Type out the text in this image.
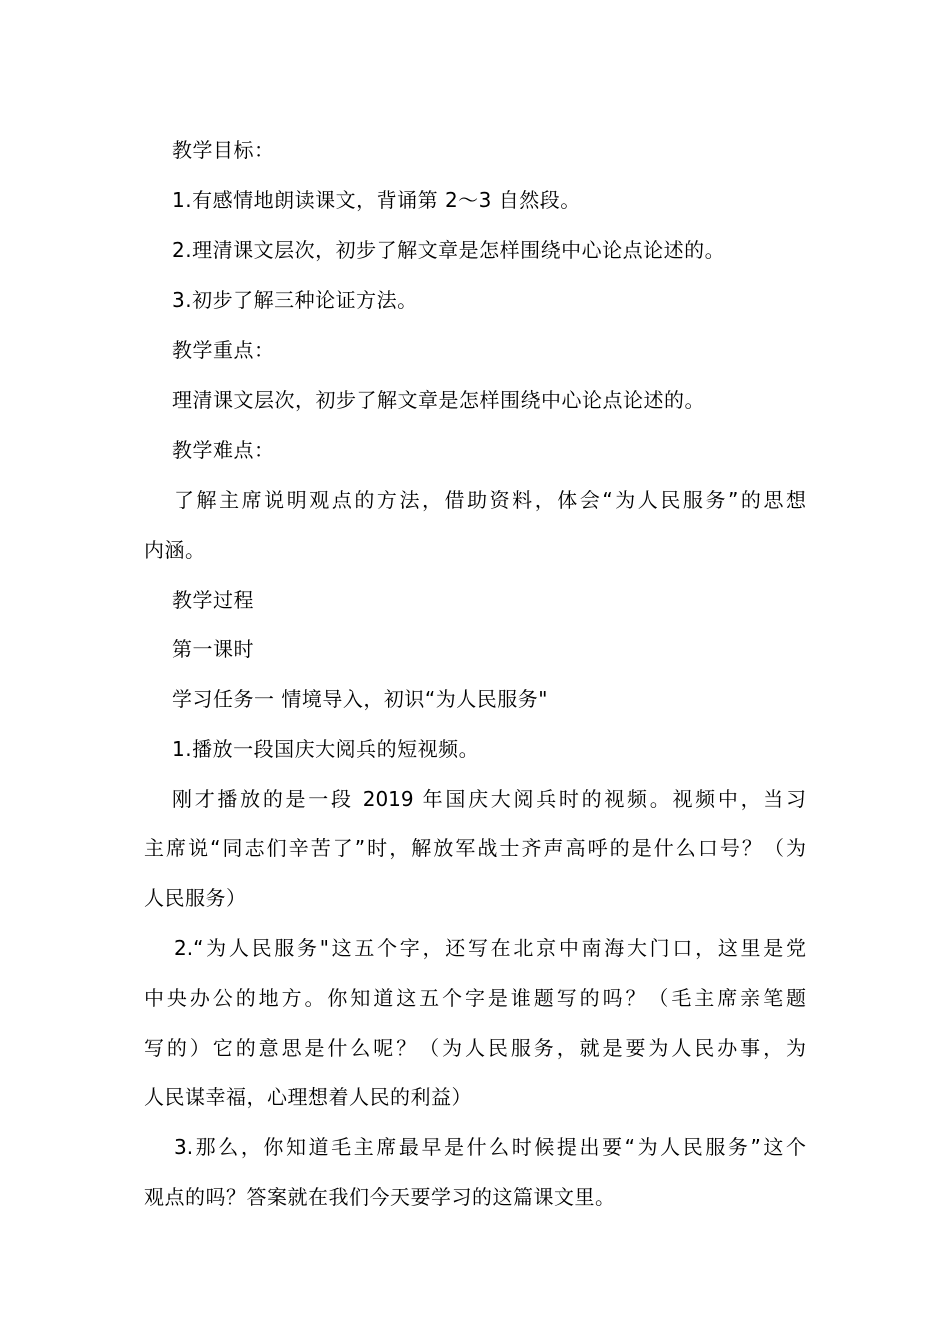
教学目标：
1.有感情地朗读课文，背诵第 2～3 自然段。
2.理清课文层次，初步了解文章是怎样围绕中心论点论述的。
3.初步了解三种论证方法。
教学重点：
理清课文层次，初步了解文章是怎样围绕中心论点论述的。
教学难点：
了解主席说明观点的方法，借助资料，体会“为人民服务”的思想
内涵。
教学过程
第一课时
学习任务一 情境导入，初识“为人民服务"
1.播放一段国庆大阅兵的短视频。
刚才播放的是一段 2019 年国庆大阅兵时的视频。视频中，当习
主席说“同志们辛苦了”时，解放军战士齐声高呼的是什么口号？（为
人民服务）
2.“为人民服务"这五个字，还写在北京中南海大门口，这里是党
中央办公的地方。你知道这五个字是谁题写的吗？（毛主席亲笔题
写的）它的意思是什么呢？（为人民服务，就是要为人民办事，为
人民谋幸福，心理想着人民的利益）
3.那么，你知道毛主席最早是什么时候提出要“为人民服务”这个
观点的吗？答案就在我们今天要学习的这篇课文里。
